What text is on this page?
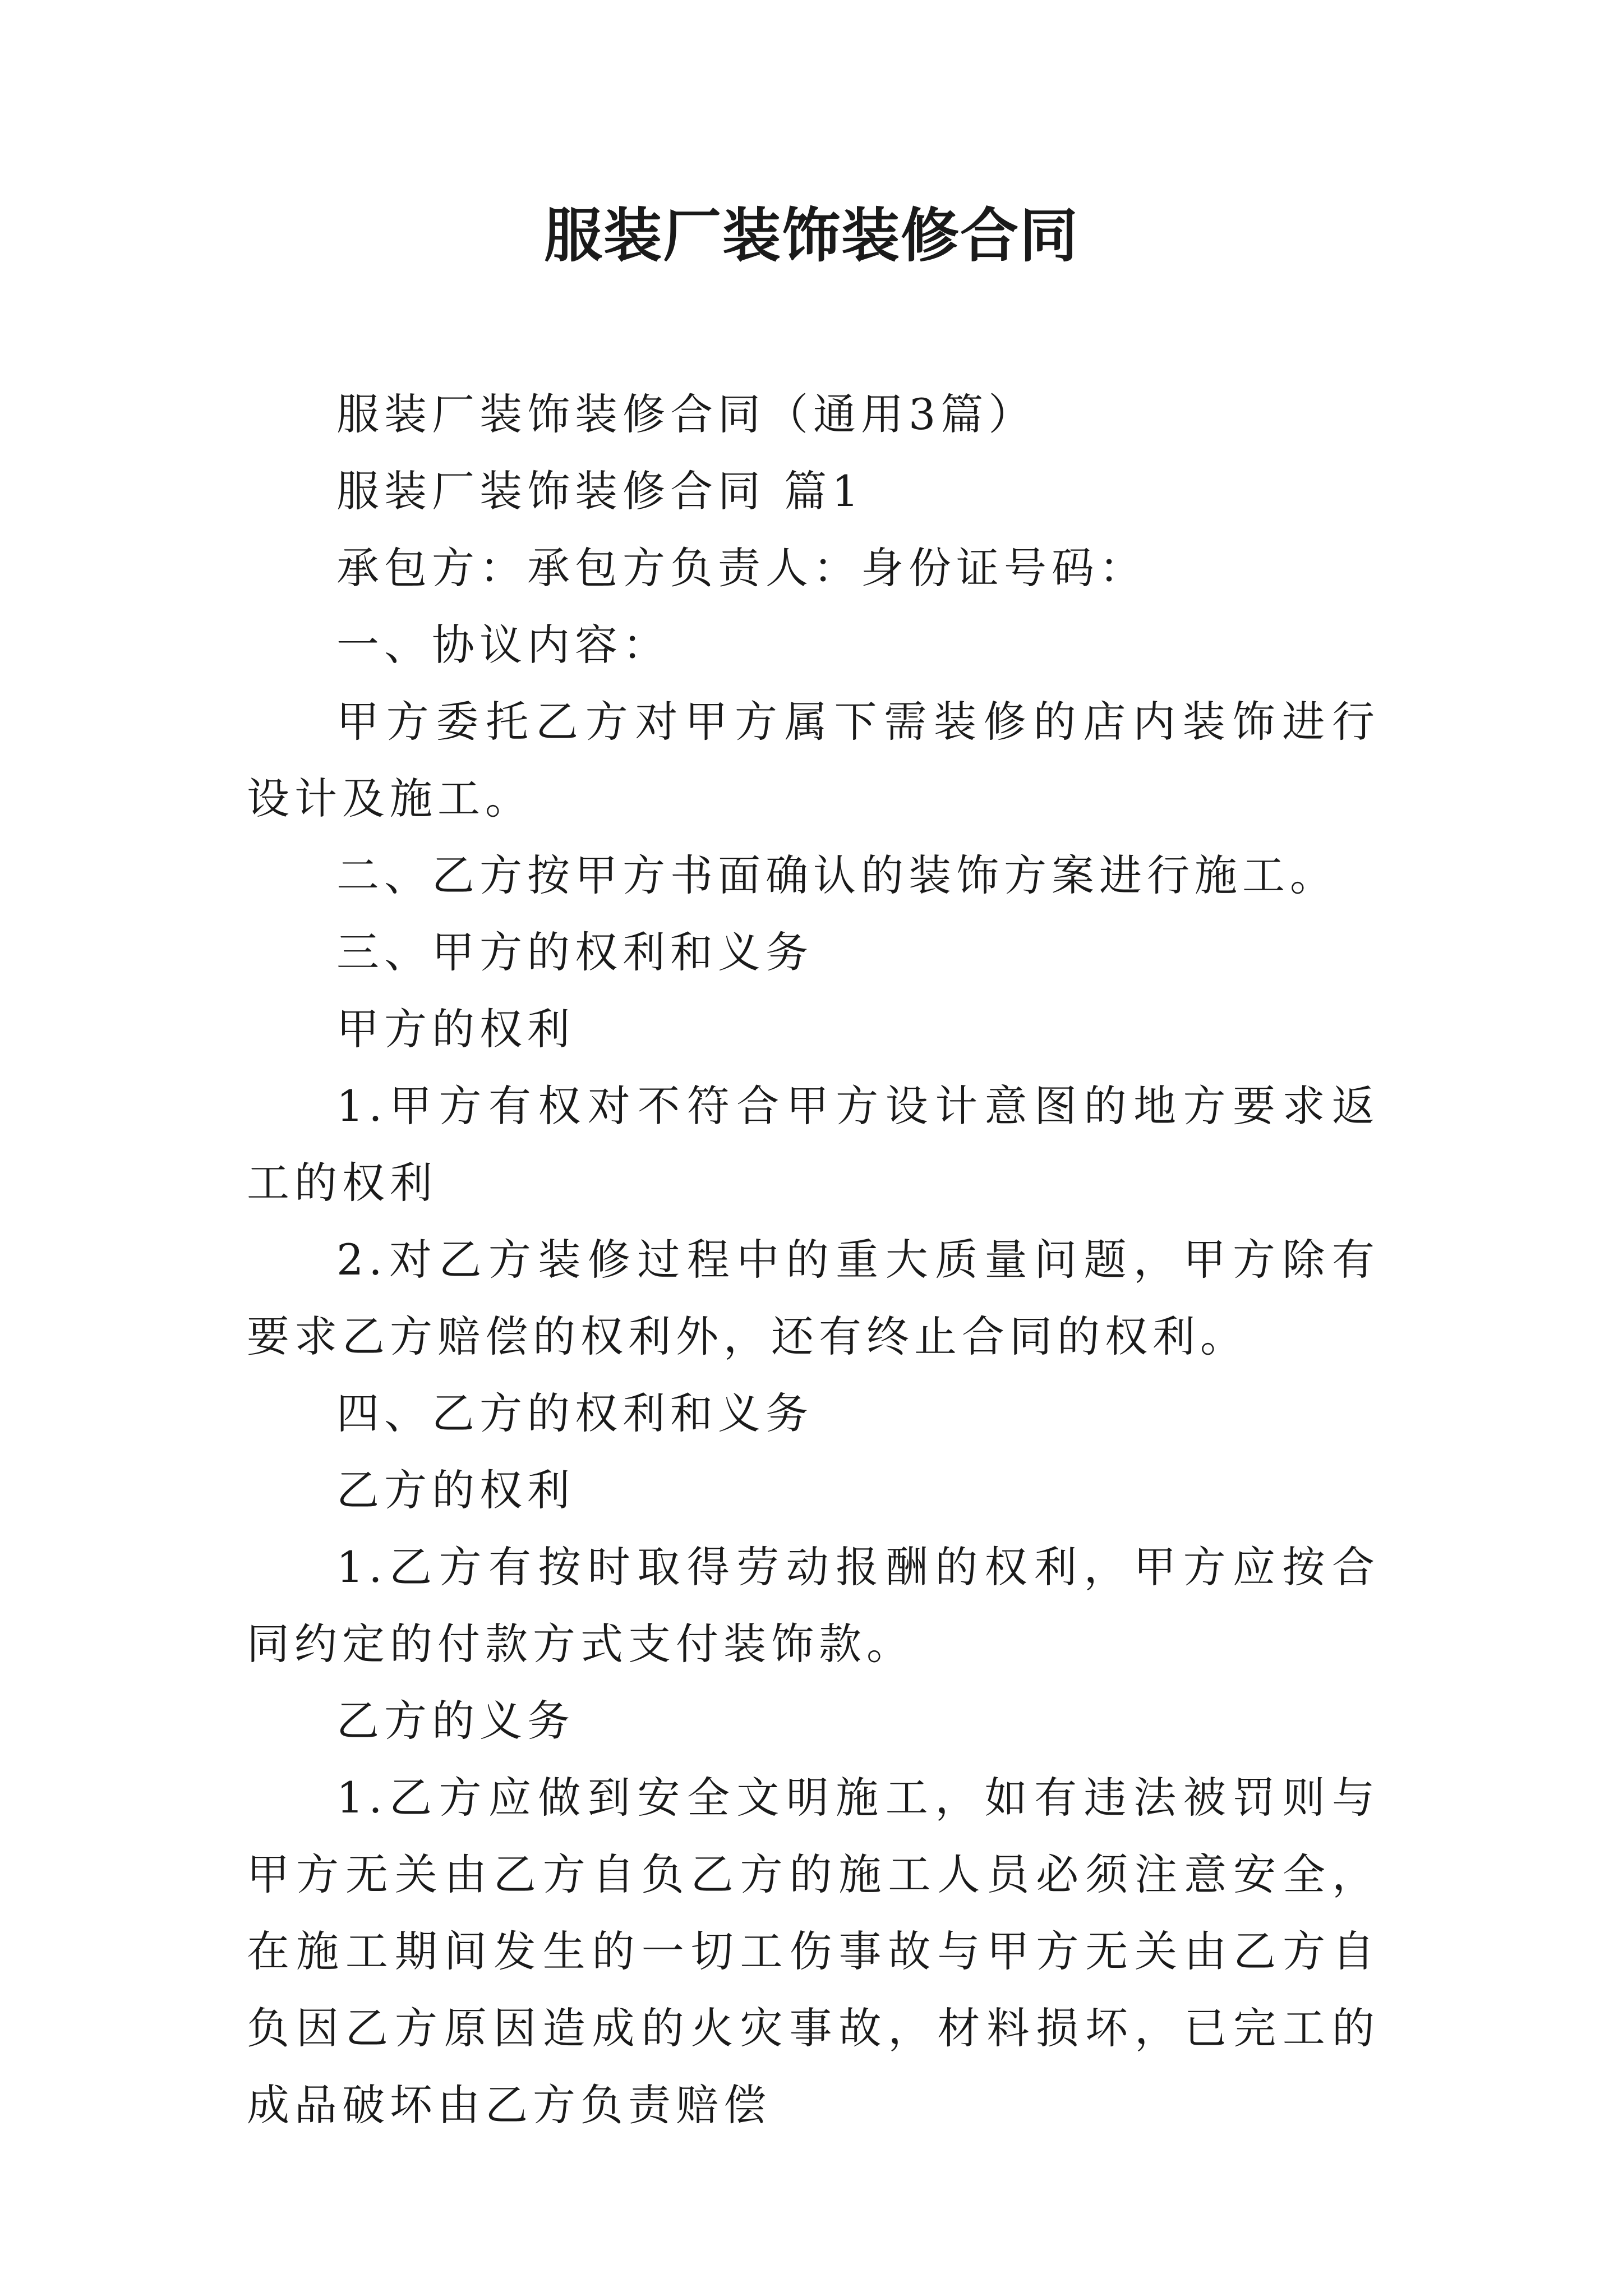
服装厂装饰装修合同

服装厂装饰装修合同（通用3篇）

服装厂装饰装修合同 篇1

承包方：承包方负责人：身份证号码：

一、协议内容：

甲方委托乙方对甲方属下需装修的店内装饰进行设计及施工。

二、乙方按甲方书面确认的装饰方案进行施工。

三、甲方的权利和义务

甲方的权利

1.甲方有权对不符合甲方设计意图的地方要求返工的权利

2.对乙方装修过程中的重大质量问题，甲方除有要求乙方赔偿的权利外，还有终止合同的权利。

四、乙方的权利和义务

乙方的权利

1.乙方有按时取得劳动报酬的权利，甲方应按合同约定的付款方式支付装饰款。

乙方的义务

1.乙方应做到安全文明施工，如有违法被罚则与甲方无关由乙方自负乙方的施工人员必须注意安全，在施工期间发生的一切工伤事故与甲方无关由乙方自负因乙方原因造成的火灾事故，材料损坏，已完工的成品破坏由乙方负责赔偿
